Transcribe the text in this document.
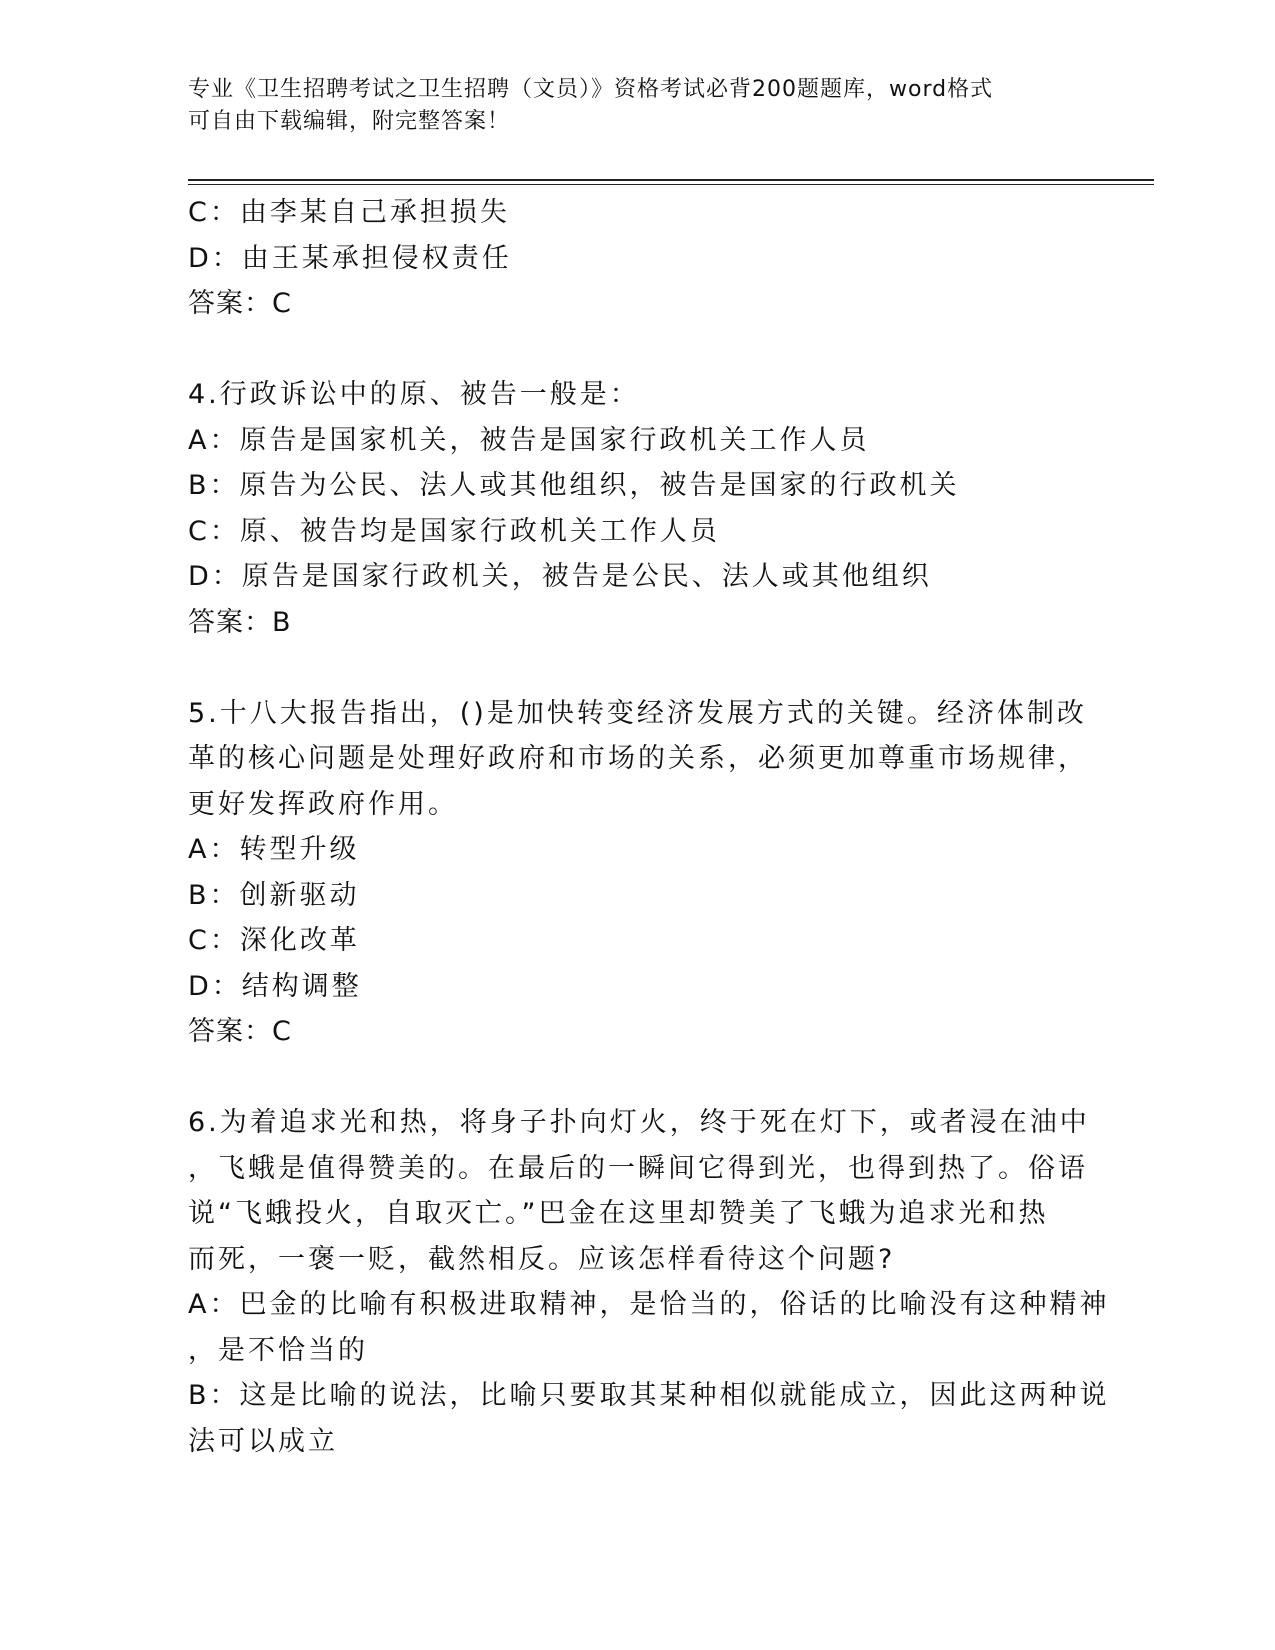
专业《卫生招聘考试之卫生招聘（文员）》资格考试必背200题题库，word格式
可自由下载编辑，附完整答案！
C：由李某自己承担损失
D：由王某承担侵权责任
答案：C
4.行政诉讼中的原、被告一般是：
A：原告是国家机关，被告是国家行政机关工作人员
B：原告为公民、法人或其他组织，被告是国家的行政机关
C：原、被告均是国家行政机关工作人员
D：原告是国家行政机关，被告是公民、法人或其他组织
答案：B
5.十八大报告指出，()是加快转变经济发展方式的关键。经济体制改
革的核心问题是处理好政府和市场的关系，必须更加尊重市场规律，
更好发挥政府作用。
A：转型升级
B：创新驱动
C：深化改革
D：结构调整
答案：C
6.为着追求光和热，将身子扑向灯火，终于死在灯下，或者浸在油中
，飞蛾是值得赞美的。在最后的一瞬间它得到光，也得到热了。俗语
说“飞蛾投火，自取灭亡。”巴金在这里却赞美了飞蛾为追求光和热
而死，一褒一贬，截然相反。应该怎样看待这个问题?
A：巴金的比喻有积极进取精神，是恰当的，俗话的比喻没有这种精神
，是不恰当的
B：这是比喻的说法，比喻只要取其某种相似就能成立，因此这两种说
法可以成立
